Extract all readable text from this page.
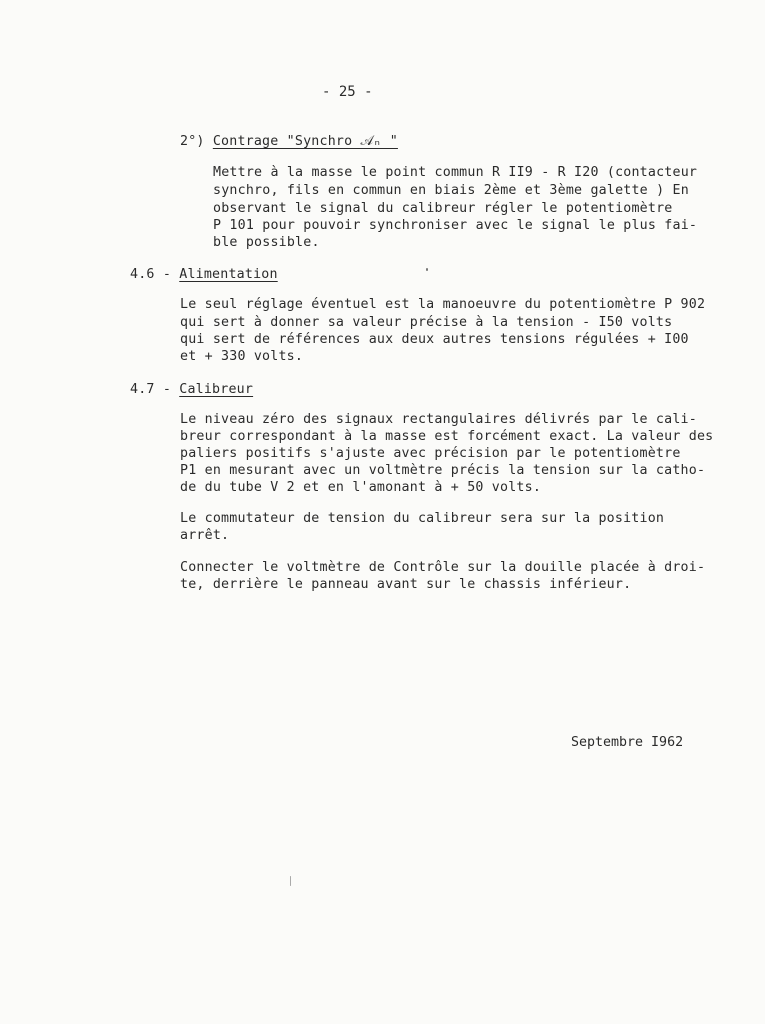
- 25 -
2°) Contrage "Synchro 𝒜ₙ "
Mettre à la masse le point commun R II9 - R I20 (contacteur
synchro, fils en commun en biais 2ème et 3ème galette ) En
observant le signal du calibreur régler le potentiomètre
P 101 pour pouvoir synchroniser avec le signal le plus fai-
ble possible.
4.6 - Alimentation
Le seul réglage éventuel est la manoeuvre du potentiomètre P 902
qui sert à donner sa valeur précise à la tension - I50 volts
qui sert de références aux deux autres tensions régulées + I00
et + 330 volts.
4.7 - Calibreur
Le niveau zéro des signaux rectangulaires délivrés par le cali-
breur correspondant à la masse est forcément exact. La valeur des
paliers positifs s'ajuste avec précision par le potentiomètre
P1 en mesurant avec un voltmètre précis la tension sur la catho-
de du tube V 2 et en l'amonant à + 50 volts.
Le commutateur de tension du calibreur sera sur la position
arrêt.
Connecter le voltmètre de Contrôle sur la douille placée à droi-
te, derrière le panneau avant sur le chassis inférieur.
Septembre I962
